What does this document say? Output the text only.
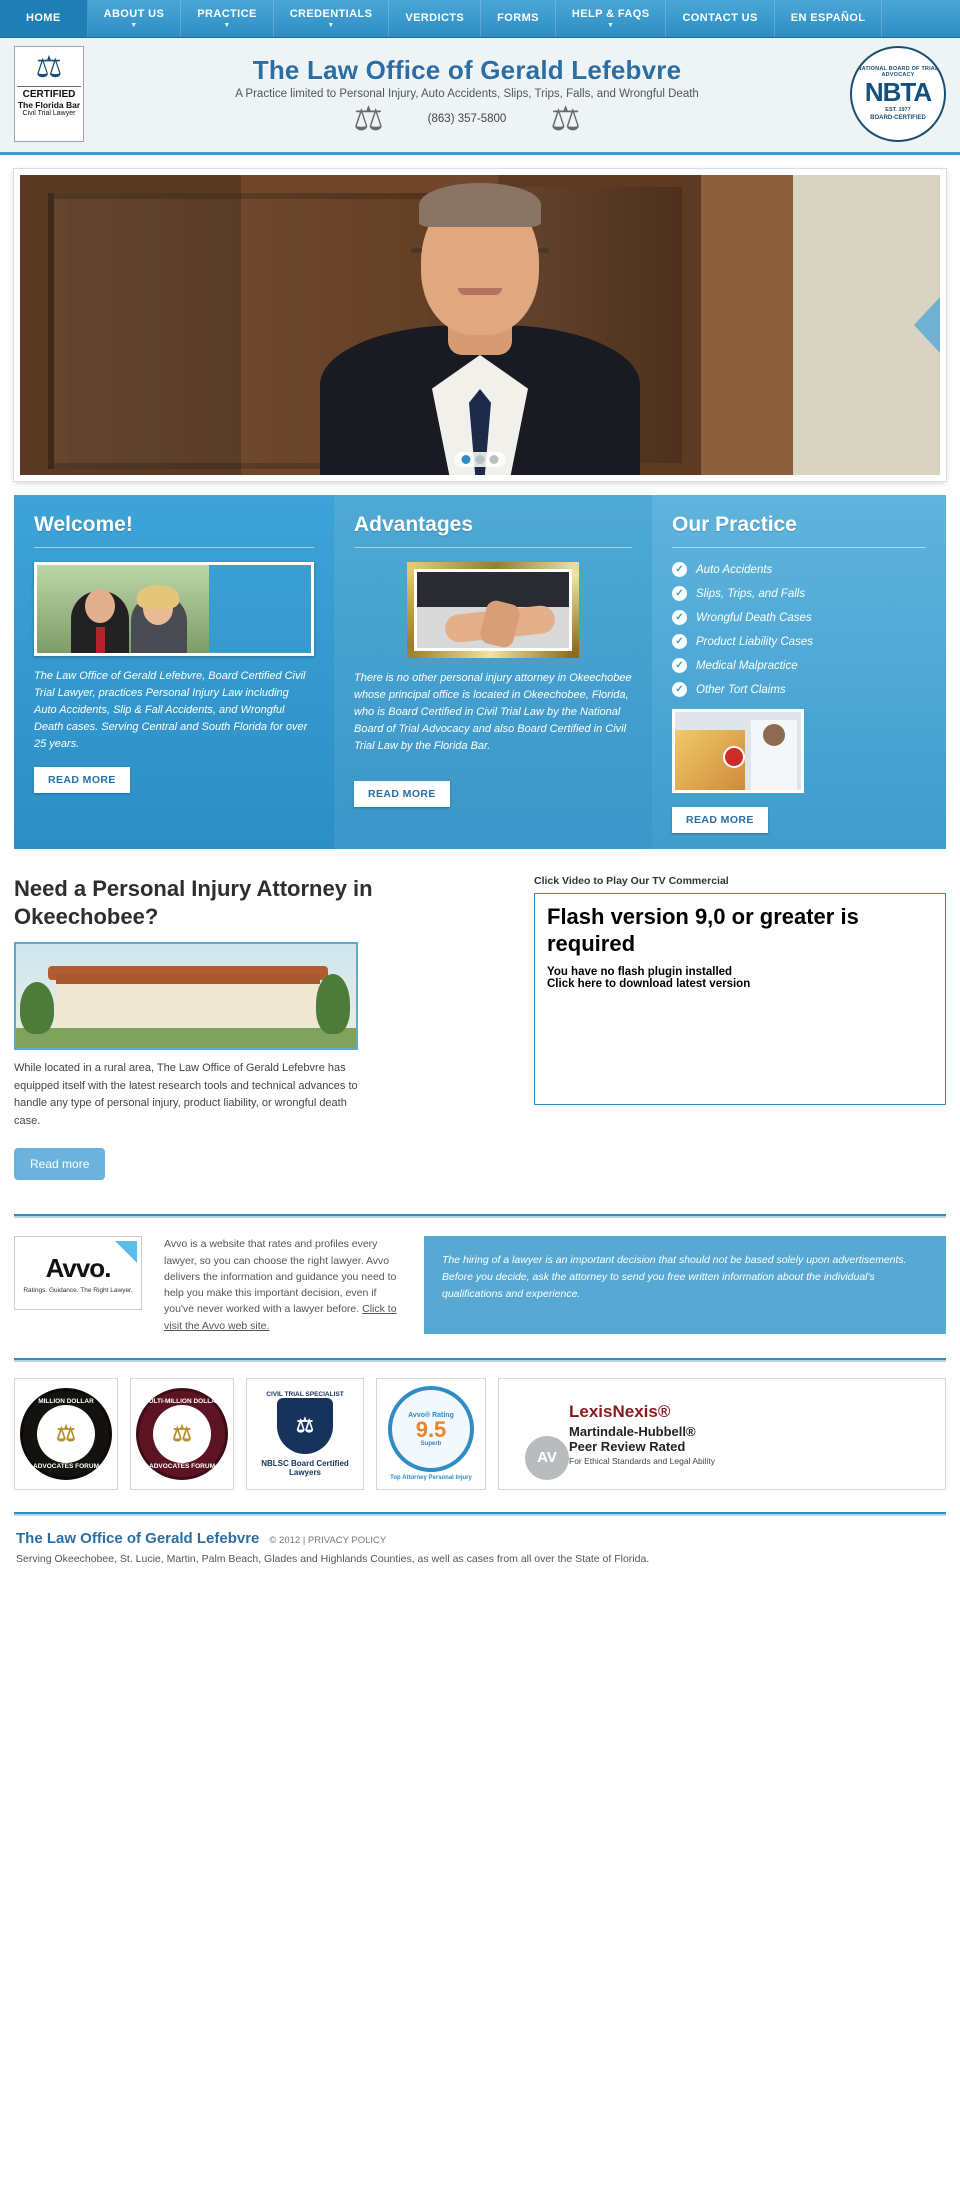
HOME	ABOUT US
▼
PRACTICE
▼
CREDENTIALS
▼
VERDICTS	FORMS	HELP & FAQS
▼
CONTACT US	EN ESPAÑOL
⚖
CERTIFIED
The Florida Bar
Civil Trial Lawyer
The Law Office of Gerald Lefebvre
A Practice limited to Personal Injury, Auto Accidents, Slips, Trips, Falls, and Wrongful Death
⚖	(863) 357-5800 ⚖
NATIONAL BOARD OF TRIAL ADVOCACY
NBTA
EST. 1977
BOARD-CERTIFIED
Welcome!

The Law Office of Gerald Lefebvre, Board Certified Civil Trial Lawyer, practices Personal Injury Law including Auto Accidents, Slip & Fall Accidents, and Wrongful Death cases. Serving Central and South Florida for over 25 years.

READ MORE
Advantages

There is no other personal injury attorney in Okeechobee whose principal office is located in Okeechobee, Florida, who is Board Certified in Civil Trial Law by the National Board of Trial Advocacy and also Board Certified in Civil Trial Law by the Florida Bar.

READ MORE
Our Practice
✓ Auto Accidents
✓ Slips, Trips, and Falls
✓ Wrongful Death Cases
✓ Product Liability Cases
✓ Medical Malpractice
✓ Other Tort Claims
READ MORE
Need a Personal Injury Attorney in Okeechobee?

While located in a rural area, The Law Office of Gerald Lefebvre has equipped itself with the latest research tools and technical advances to handle any type of personal injury, product liability, or wrongful death case.

Read more
Click Video to Play Our TV Commercial
Flash version 9,0 or greater is required
You have no flash plugin installed
Click here to download latest version
Avvo.
Ratings. Guidance. The Right Lawyer.
Avvo is a website that rates and profiles every lawyer, so you can choose the right lawyer. Avvo delivers the information and guidance you need to help you make this important decision, even if you've never worked with a lawyer before. Click to visit the Avvo web site.
The hiring of a lawyer is an important decision that should not be based solely upon advertisements. Before you decide, ask the attorney to send you free written information about the individual's qualifications and experience.
MILLION DOLLAR
⚖
ADVOCATES FORUM
MULTI-MILLION DOLLAR
⚖
ADVOCATES FORUM
CIVIL TRIAL SPECIALIST
⚖
NBLSC Board Certified Lawyers
Avvo® Rating
9.5
Superb
Top Attorney Personal Injury
AV
LexisNexis®
Martindale-Hubbell®
Peer Review Rated
For Ethical Standards and Legal Ability
The Law Office of Gerald Lefebvre © 2012 | PRIVACY POLICY
Serving Okeechobee, St. Lucie, Martin, Palm Beach, Glades and Highlands Counties, as well as cases from all over the State of Florida.
